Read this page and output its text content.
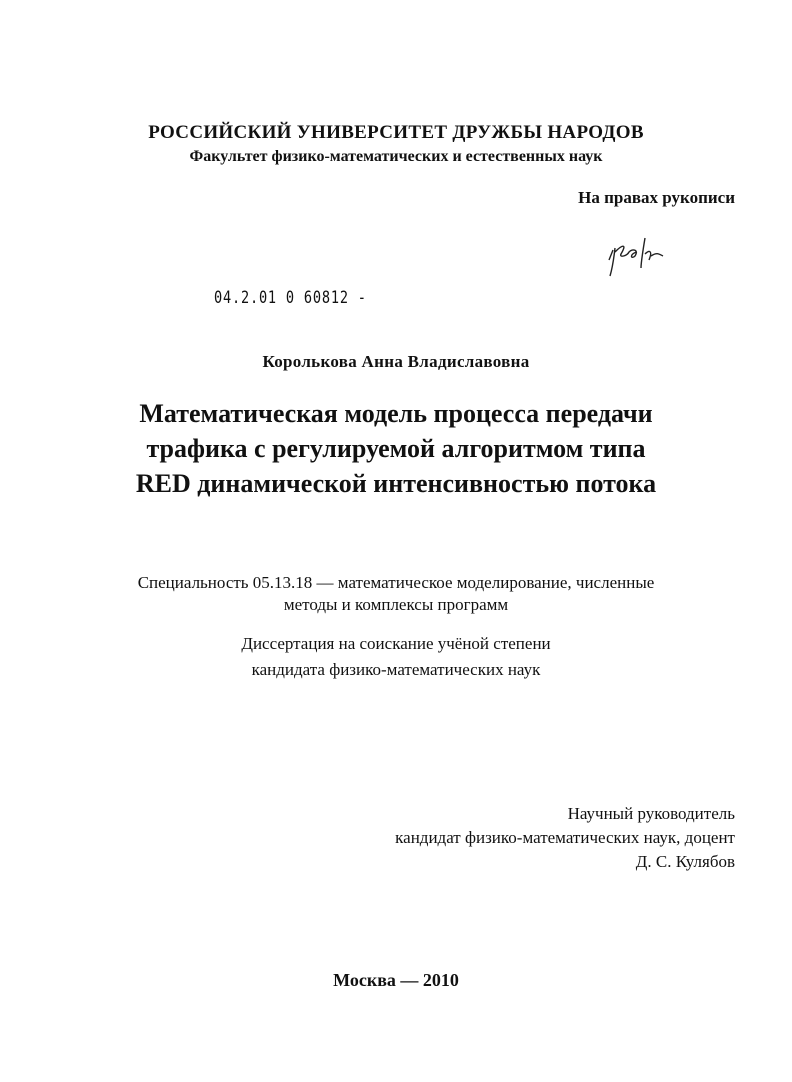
РОССИЙСКИЙ УНИВЕРСИТЕТ ДРУЖБЫ НАРОДОВ
Факультет физико-математических и естественных наук
На правах рукописи
04.2.01 0 60812 -
Королькова Анна Владиславовна
Математическая модель процесса передачи
трафика с регулируемой алгоритмом типа
RED динамической интенсивностью потока
Специальность 05.13.18 — математическое моделирование, численные
методы и комплексы программ
Диссертация на соискание учёной степени
кандидата физико-математических наук
Научный руководитель
кандидат физико-математических наук, доцент
Д. С. Кулябов
Москва — 2010
